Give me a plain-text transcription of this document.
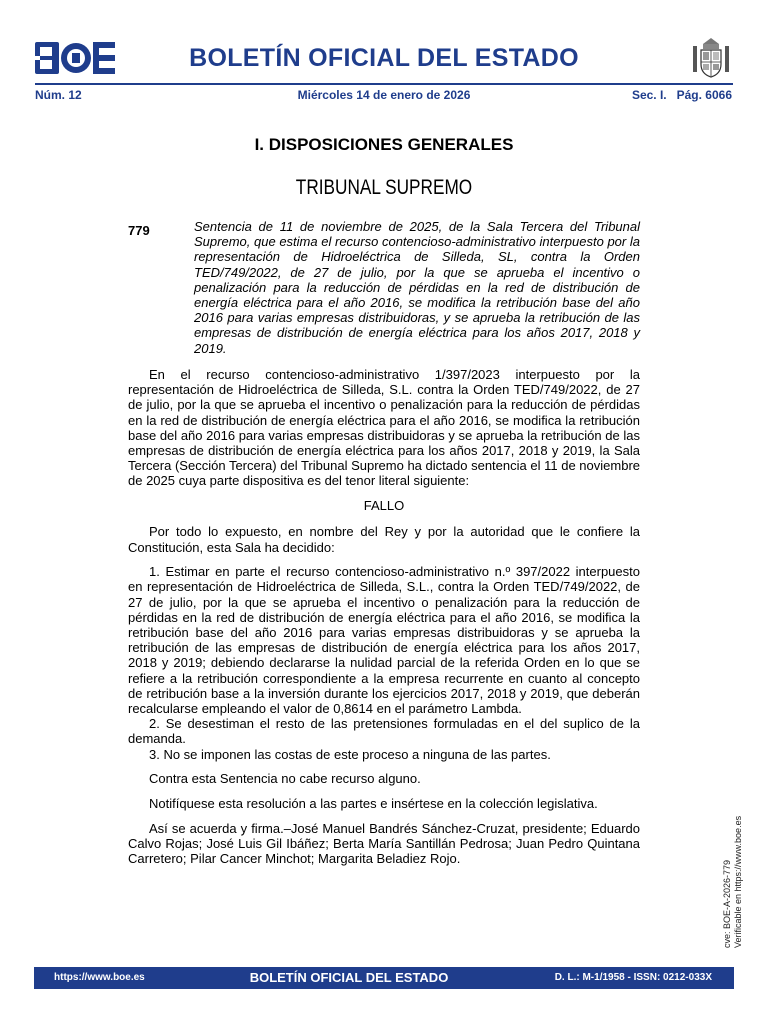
BOLETÍN OFICIAL DEL ESTADO
Núm. 12	Miércoles 14 de enero de 2026	Sec. I.   Pág. 6066
I. DISPOSICIONES GENERALES
TRIBUNAL SUPREMO
779	Sentencia de 11 de noviembre de 2025, de la Sala Tercera del Tribunal Supremo, que estima el recurso contencioso-administrativo interpuesto por la representación de Hidroeléctrica de Silleda, SL, contra la Orden TED/749/2022, de 27 de julio, por la que se aprueba el incentivo o penalización para la reducción de pérdidas en la red de distribución de energía eléctrica para el año 2016, se modifica la retribución base del año 2016 para varias empresas distribuidoras, y se aprueba la retribución de las empresas de distribución de energía eléctrica para los años 2017, 2018 y 2019.

En el recurso contencioso-administrativo 1/397/2023 interpuesto por la representación de Hidroeléctrica de Silleda, S.L. contra la Orden TED/749/2022, de 27 de julio, por la que se aprueba el incentivo o penalización para la reducción de pérdidas en la red de distribución de energía eléctrica para el año 2016, se modifica la retribución base del año 2016 para varias empresas distribuidoras y se aprueba la retribución de las empresas de distribución de energía eléctrica para los años 2017, 2018 y 2019, la Sala Tercera (Sección Tercera) del Tribunal Supremo ha dictado sentencia el 11 de noviembre de 2025 cuya parte dispositiva es del tenor literal siguiente:

FALLO

Por todo lo expuesto, en nombre del Rey y por la autoridad que le confiere la Constitución, esta Sala ha decidido:

1. Estimar en parte el recurso contencioso-administrativo n.º 397/2022 interpuesto en representación de Hidroeléctrica de Silleda, S.L., contra la Orden TED/749/2022, de 27 de julio, por la que se aprueba el incentivo o penalización para la reducción de pérdidas en la red de distribución de energía eléctrica para el año 2016, se modifica la retribución base del año 2016 para varias empresas distribuidoras y se aprueba la retribución de las empresas de distribución de energía eléctrica para los años 2017, 2018 y 2019; debiendo declararse la nulidad parcial de la referida Orden en lo que se refiere a la retribución correspondiente a la empresa recurrente en cuanto al concepto de retribución base a la inversión durante los ejercicios 2017, 2018 y 2019, que deberán recalcularse empleando el valor de 0,8614 en el parámetro Lambda.

2. Se desestiman el resto de las pretensiones formuladas en el del suplico de la demanda.

3. No se imponen las costas de este proceso a ninguna de las partes.

Contra esta Sentencia no cabe recurso alguno.

Notifíquese esta resolución a las partes e insértese en la colección legislativa.

Así se acuerda y firma.–José Manuel Bandrés Sánchez-Cruzat, presidente; Eduardo Calvo Rojas; José Luis Gil Ibáñez; Berta María Santillán Pedrosa; Juan Pedro Quintana Carretero; Pilar Cancer Minchot; Margarita Beladiez Rojo.

cve: BOE-A-2026-779 Verificable en https://www.boe.es
https://www.boe.es	BOLETÍN OFICIAL DEL ESTADO	D. L.: M-1/1958 - ISSN: 0212-033X
